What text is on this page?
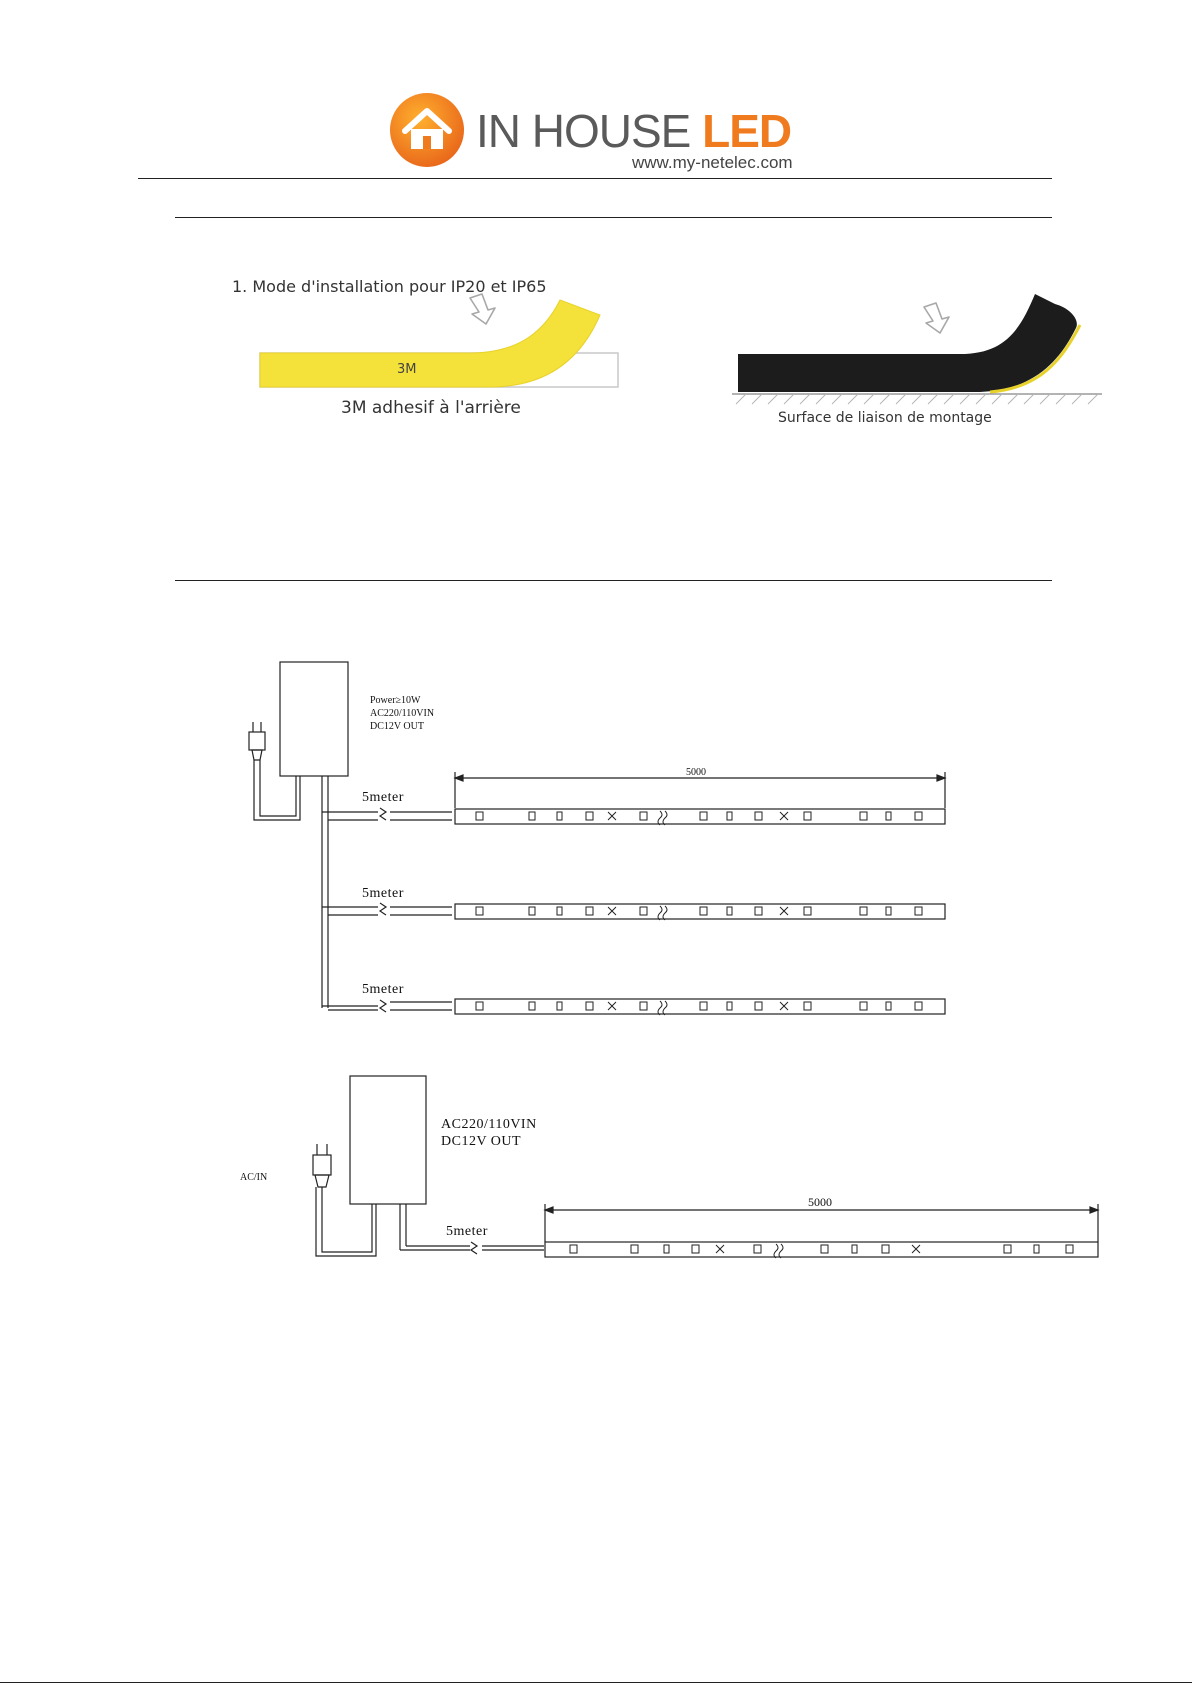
IN HOUSE LED
www.my-netelec.com
1. Mode d'installation pour IP20 et IP65
3M
3M adhesif à l'arrière	Surface de liaison de montage
Power≥10W
AC220/110VIN
DC12V OUT
5000
5meter
5meter
5meter
AC220/110VIN
DC12V OUT
AC/IN
5000
5meter
